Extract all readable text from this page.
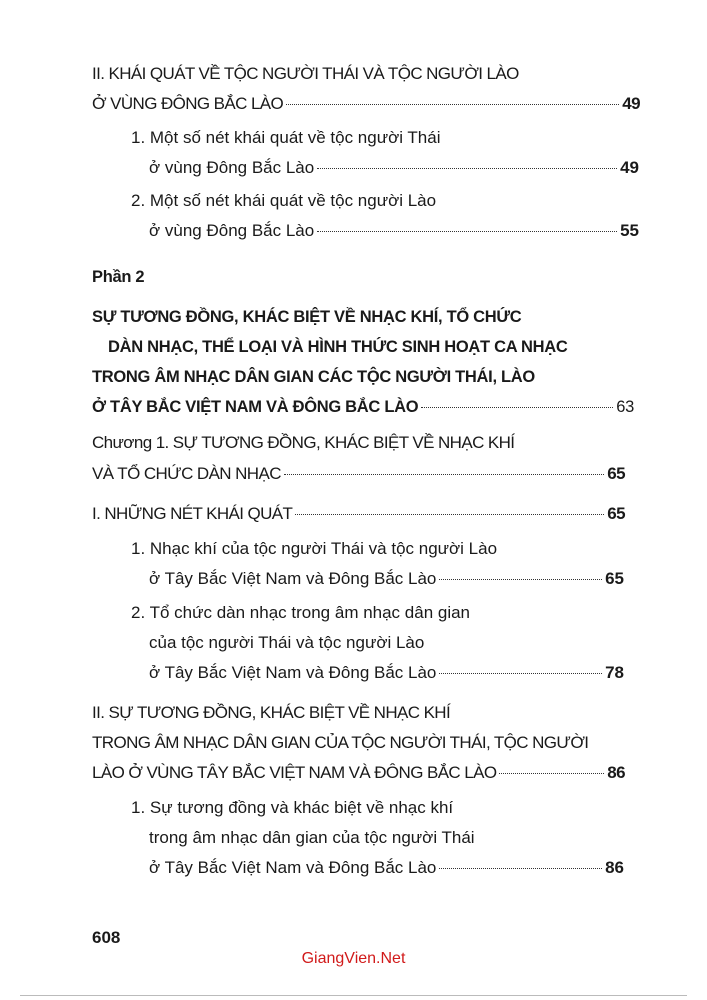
II. KHÁI QUÁT VỀ TỘC NGƯỜI THÁI VÀ TỘC NGƯỜI LÀO
Ở VÙNG ĐÔNG BẮC LÀO	49
1. Một số nét khái quát về tộc người Thái
ở vùng Đông Bắc Lào	49
2. Một số nét khái quát về tộc người Lào
ở vùng Đông Bắc Lào	55
Phần 2
SỰ TƯƠNG ĐỒNG, KHÁC BIỆT VỀ NHẠC KHÍ, TỔ CHỨC
DÀN NHẠC, THỂ LOẠI VÀ HÌNH THỨC SINH HOẠT CA NHẠC
TRONG ÂM NHẠC DÂN GIAN CÁC TỘC NGƯỜI THÁI, LÀO
Ở TÂY BẮC VIỆT NAM VÀ ĐÔNG BẮC LÀO	63
Chương 1. SỰ TƯƠNG ĐỒNG, KHÁC BIỆT VỀ NHẠC KHÍ
VÀ TỔ CHỨC DÀN NHẠC	65
I. NHỮNG NÉT KHÁI QUÁT	65
1. Nhạc khí của tộc người Thái và tộc người Lào
ở Tây Bắc Việt Nam và Đông Bắc Lào	65
2. Tổ chức dàn nhạc trong âm nhạc dân gian
của tộc người Thái và tộc người Lào
ở Tây Bắc Việt Nam và Đông Bắc Lào	78
II. SỰ TƯƠNG ĐỒNG, KHÁC BIỆT VỀ NHẠC KHÍ
TRONG ÂM NHẠC DÂN GIAN CỦA TỘC NGƯỜI THÁI, TỘC NGƯỜI
LÀO Ở VÙNG TÂY BẮC VIỆT NAM VÀ ĐÔNG BẮC LÀO	86
1. Sự tương đồng và khác biệt về nhạc khí
trong âm nhạc dân gian của tộc người Thái
ở Tây Bắc Việt Nam và Đông Bắc Lào	86
608
GiangVien.Net
